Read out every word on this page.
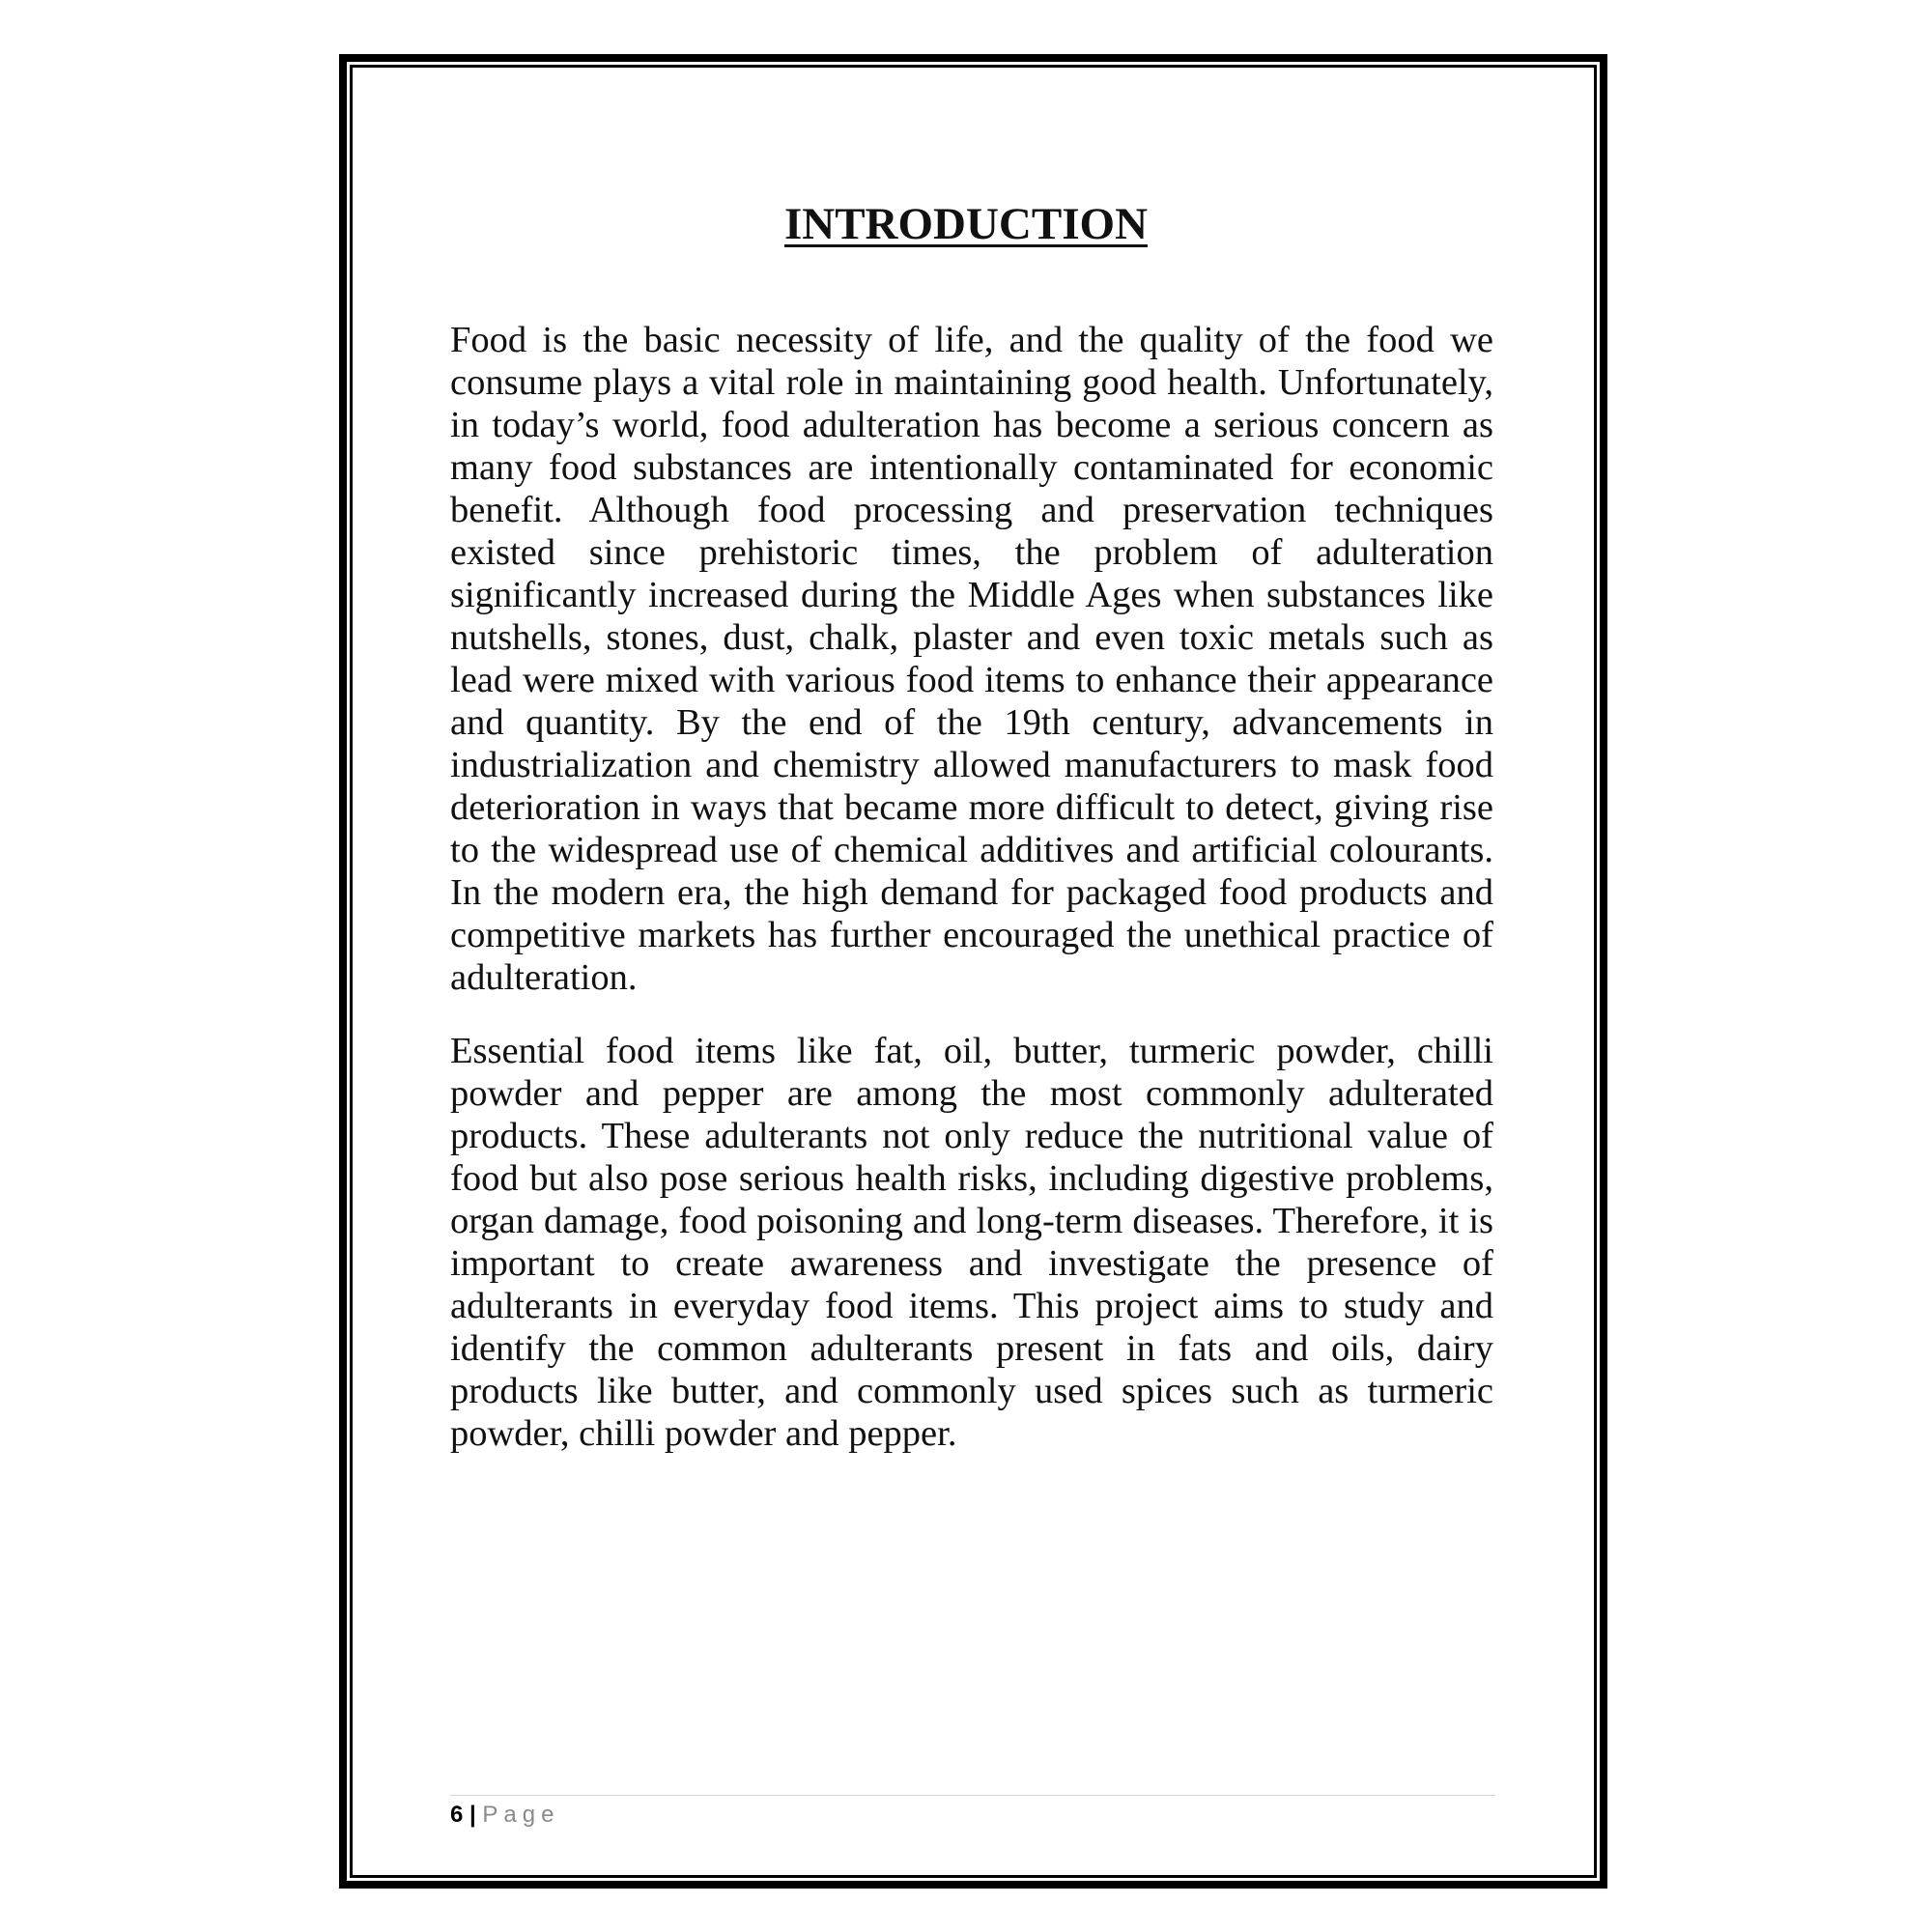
INTRODUCTION

Food is the basic necessity of life, and the quality of the food we consume plays a vital role in maintaining good health. Unfortunately, in today’s world, food adulteration has become a serious concern as many food substances are intentionally contaminated for economic benefit. Although food processing and preservation techniques existed since prehistoric times, the problem of adulteration significantly increased during the Middle Ages when substances like nutshells, stones, dust, chalk, plaster and even toxic metals such as lead were mixed with various food items to enhance their appearance and quantity. By the end of the 19th century, advancements in industrialization and chemistry allowed manufacturers to mask food deterioration in ways that became more difficult to detect, giving rise to the widespread use of chemical additives and artificial colourants. In the modern era, the high demand for packaged food products and competitive markets has further encouraged the unethical practice of adulteration.

Essential food items like fat, oil, butter, turmeric powder, chilli powder and pepper are among the most commonly adulterated products. These adulterants not only reduce the nutritional value of food but also pose serious health risks, including digestive problems, organ damage, food poisoning and long-term diseases. Therefore, it is important to create awareness and investigate the presence of adulterants in everyday food items. This project aims to study and identify the common adulterants present in fats and oils, dairy products like butter, and commonly used spices such as turmeric powder, chilli powder and pepper.

6 | Page
